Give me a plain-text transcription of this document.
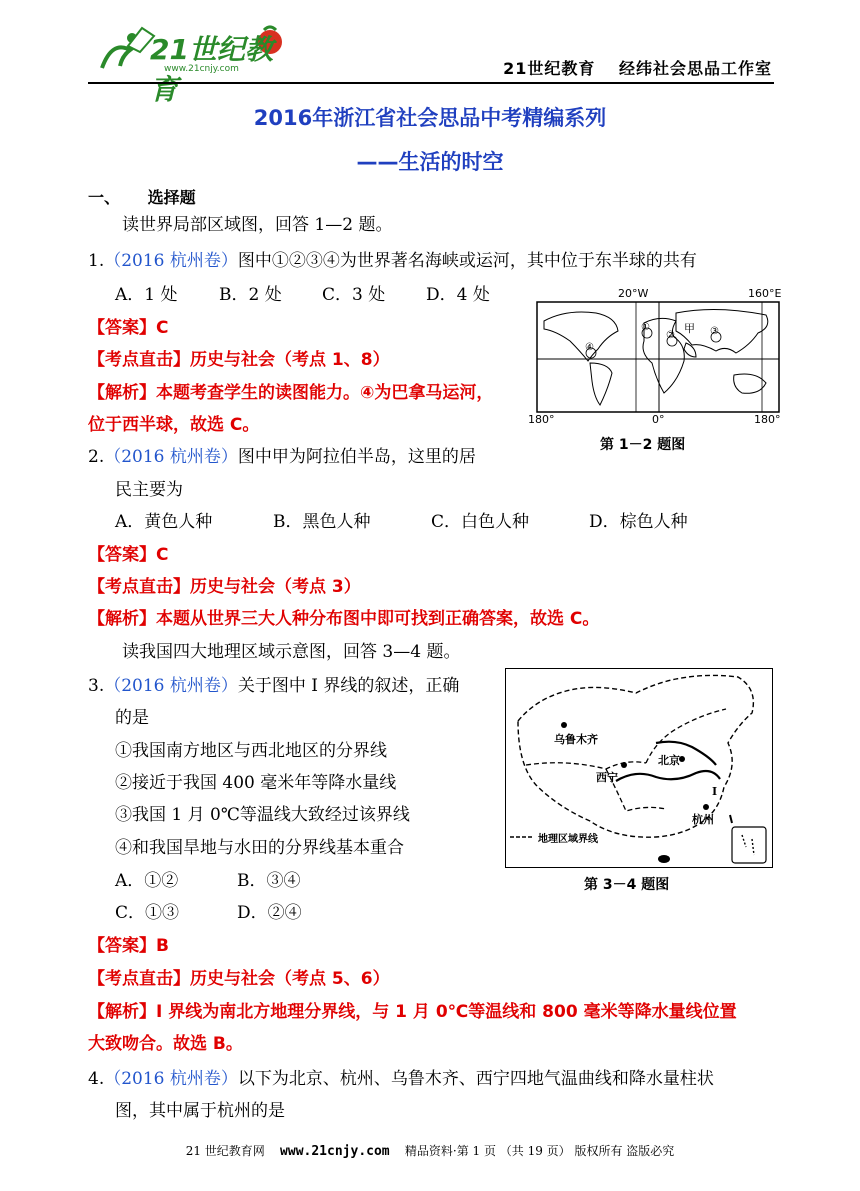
21世纪教育
www.21cnjy.com	21世纪教育　 经纬社会思品工作室
2016年浙江省社会思品中考精编系列
——生活的时空
一、 选择题
读世界局部区域图，回答 1—2 题。
1.（2016 杭州卷）图中①②③④为世界著名海峡或运河，其中位于东半球的共有
A．1 处 B．2 处 C．3 处 D．4 处
【答案】C
【考点直击】历史与社会（考点 1、8）
【解析】本题考查学生的读图能力。④为巴拿马运河，
位于西半球，故选 C。
20°W	160°E
①
②	③
④
甲
180°	0°	180°
第 1－2 题图
2.（2016 杭州卷）图中甲为阿拉伯半岛，这里的居
民主要为
A．黄色人种	B．黑色人种	C．白色人种	D．棕色人种
【答案】C
【考点直击】历史与社会（考点 3）
【解析】本题从世界三大人种分布图中即可找到正确答案，故选 C。
读我国四大地理区域示意图，回答 3—4 题。
3.（2016 杭州卷）关于图中 I 界线的叙述，正确
的是
①我国南方地区与西北地区的分界线
②接近于我国 400 毫米年等降水量线
③我国 1 月 0℃等温线大致经过该界线
④和我国旱地与水田的分界线基本重合
A．①②	B．③④
C．①③	D．②④
乌鲁木齐
西宁
北京
杭州
I
地理区域界线
第 3－4 题图
【答案】B
【考点直击】历史与社会（考点 5、6）
【解析】I 界线为南北方地理分界线，与 1 月 0℃等温线和 800 毫米等降水量线位置
大致吻合。故选 B。
4.（2016 杭州卷）以下为北京、杭州、乌鲁木齐、西宁四地气温曲线和降水量柱状
图，其中属于杭州的是
21 世纪教育网 www.21cnjy.com 精品资料·第 1 页 （共 19 页） 版权所有 盗版必究
